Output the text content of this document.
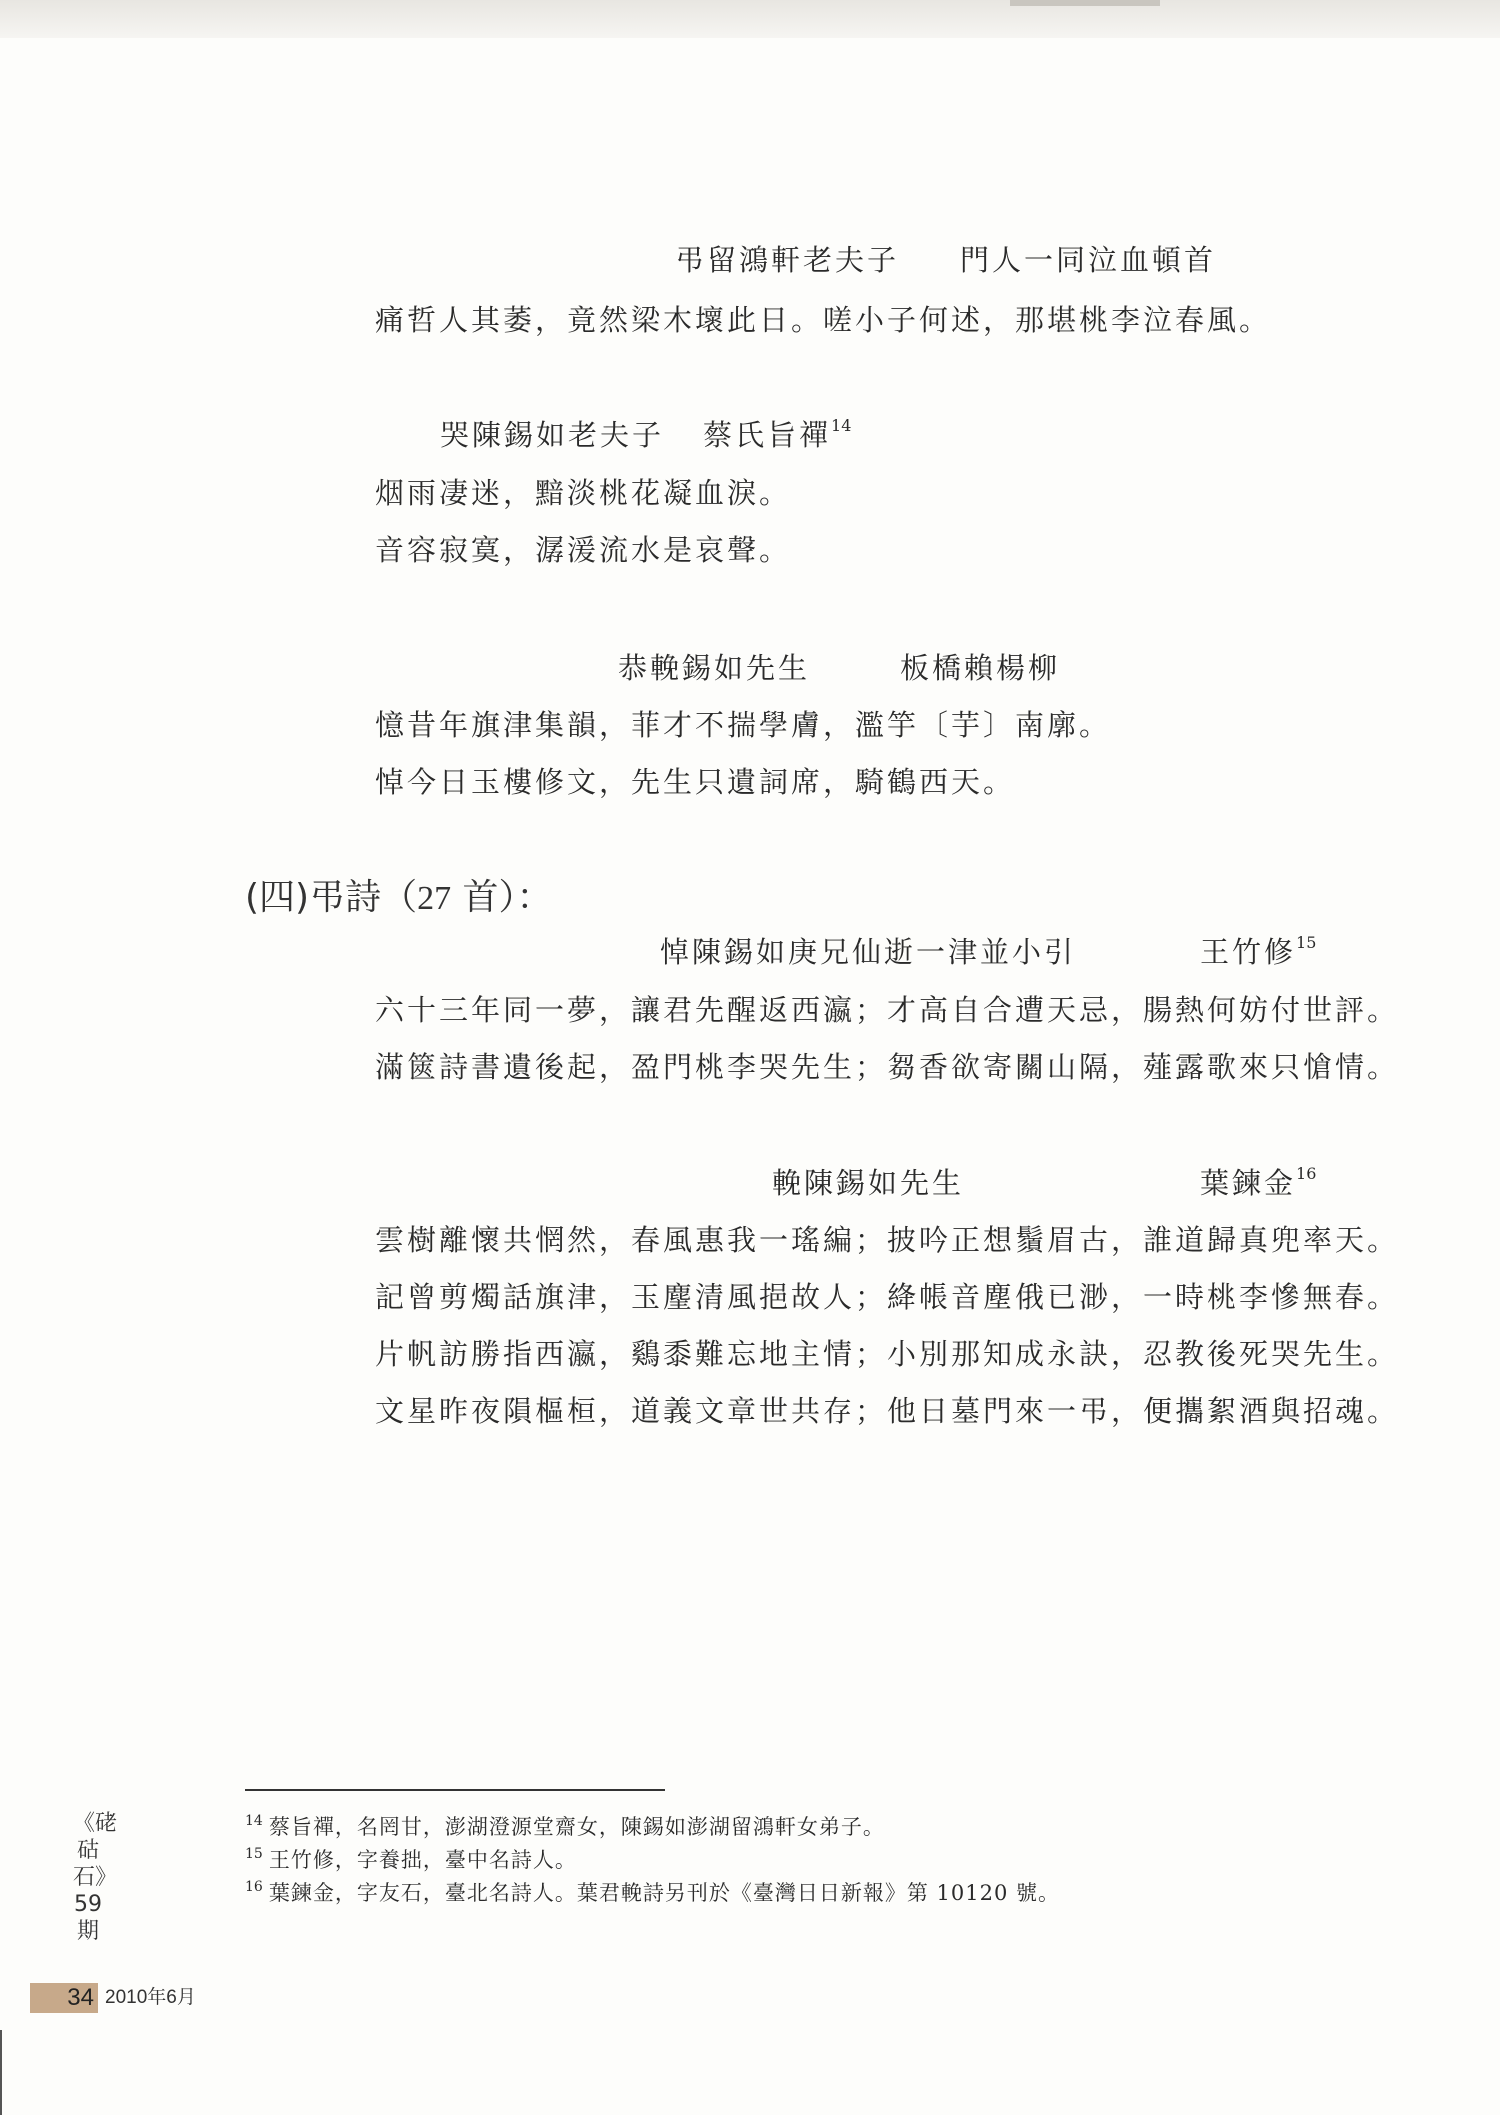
弔留鴻軒老夫子 門人一同泣血頓首
痛哲人其萎，竟然梁木壞此日。嗟小子何述，那堪桃李泣春風。
哭陳錫如老夫子 蔡氏旨禪$^{14}$
烟雨凄迷，黯淡桃花凝血淚。
音容寂寞，潺湲流水是哀聲。
恭輓錫如先生	板橋賴楊柳
憶昔年旗津集韻，菲才不揣學膚，濫竽〔芋〕南廓。
悼今日玉樓修文，先生只遺詞席，騎鶴西天。
(四)弔詩（27 首）：
悼陳錫如庚兄仙逝一津並小引	王竹修$^{15}$
六十三年同一夢，讓君先醒返西瀛；才高自合遭天忌，腸熱何妨付世評。
滿篋詩書遺後起，盈門桃李哭先生；芻香欲寄關山隔，薤露歌來只愴情。
輓陳錫如先生	葉鍊金$^{16}$
雲樹離懷共惘然，春風惠我一瑤編；披吟正想鬚眉古，誰道歸真兜率天。
記曾剪燭話旗津，玉麈清風挹故人；絳帳音塵俄已渺，一時桃李慘無春。
片帆訪勝指西瀛，鷄黍難忘地主情；小別那知成永訣，忍教後死哭先生。
文星昨夜隕樞桓，道義文章世共存；他日墓門來一弔，便攜絮酒與招魂。
$^{14}$ 蔡旨禪，名罔甘，澎湖澄源堂齋女，陳錫如澎湖留鴻軒女弟子。
$^{15}$ 王竹修，字養拙，臺中名詩人。
$^{16}$ 葉鍊金，字友石，臺北名詩人。葉君輓詩另刊於《臺灣日日新報》第 10120 號。
《硓𥑮石》59期
34 2010年6月
